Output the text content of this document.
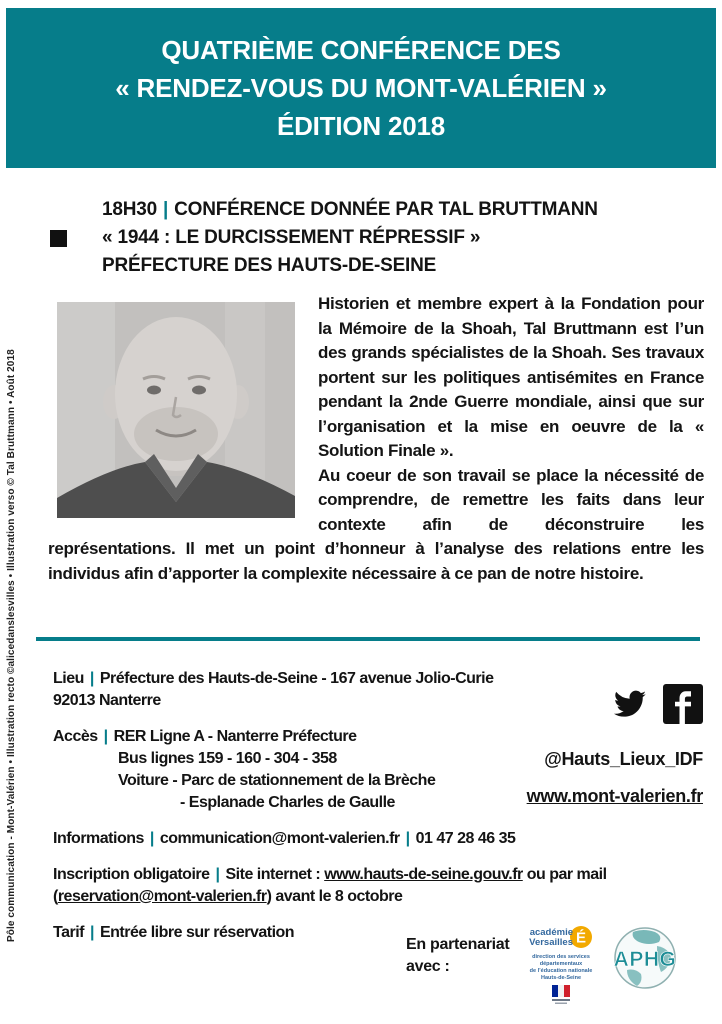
QUATRIÈME CONFÉRENCE DES
« RENDEZ-VOUS DU MONT-VALÉRIEN »
ÉDITION 2018
18H30 | CONFÉRENCE DONNÉE PAR TAL BRUTTMANN
« 1944 : LE DURCISSEMENT RÉPRESSIF »
PRÉFECTURE DES HAUTS-DE-SEINE

Historien et membre expert à la Fondation pour la Mémoire de la Shoah, Tal Bruttmann est l’un des grands spécialistes de la Shoah. Ses travaux portent sur les politiques antisémites en France pendant la 2nde Guerre mondiale, ainsi que sur l’organisation et la mise en oeuvre de la « Solution Finale ».

Au coeur de son travail se place la nécessité de comprendre, de remettre les faits dans leur contexte afin de déconstruire les représentations. Il met un point d’honneur à l’analyse des relations entre les individus afin d’apporter la complexite nécessaire à ce pan de notre histoire.

Lieu | Préfecture des Hauts-de-Seine - 167 avenue Jolio-Curie
92013 Nanterre
Accès | RER Ligne A - Nanterre Préfecture
Bus lignes 159 - 160 - 304 - 358
Voiture - Parc de stationnement de la Brèche
- Esplanade Charles de Gaulle
Informations | communication@mont-valerien.fr | 01 47 28 46 35
Inscription obligatoire | Site internet : www.hauts-de-seine.gouv.fr ou par mail
(reservation@mont-valerien.fr) avant le 8 octobre
Tarif | Entrée libre sur réservation
@Hauts_Lieux_IDF
www.mont-valerien.fr
En partenariat
avec :
É
académie
Versailles
direction des services
départementaux
de l’éducation nationale
Hauts-de-Seine
APHG
Pôle communication - Mont-Valérien • Illustration recto ©alicedanslesvilles • Illustration verso © Tal Bruttmann • Août 2018
